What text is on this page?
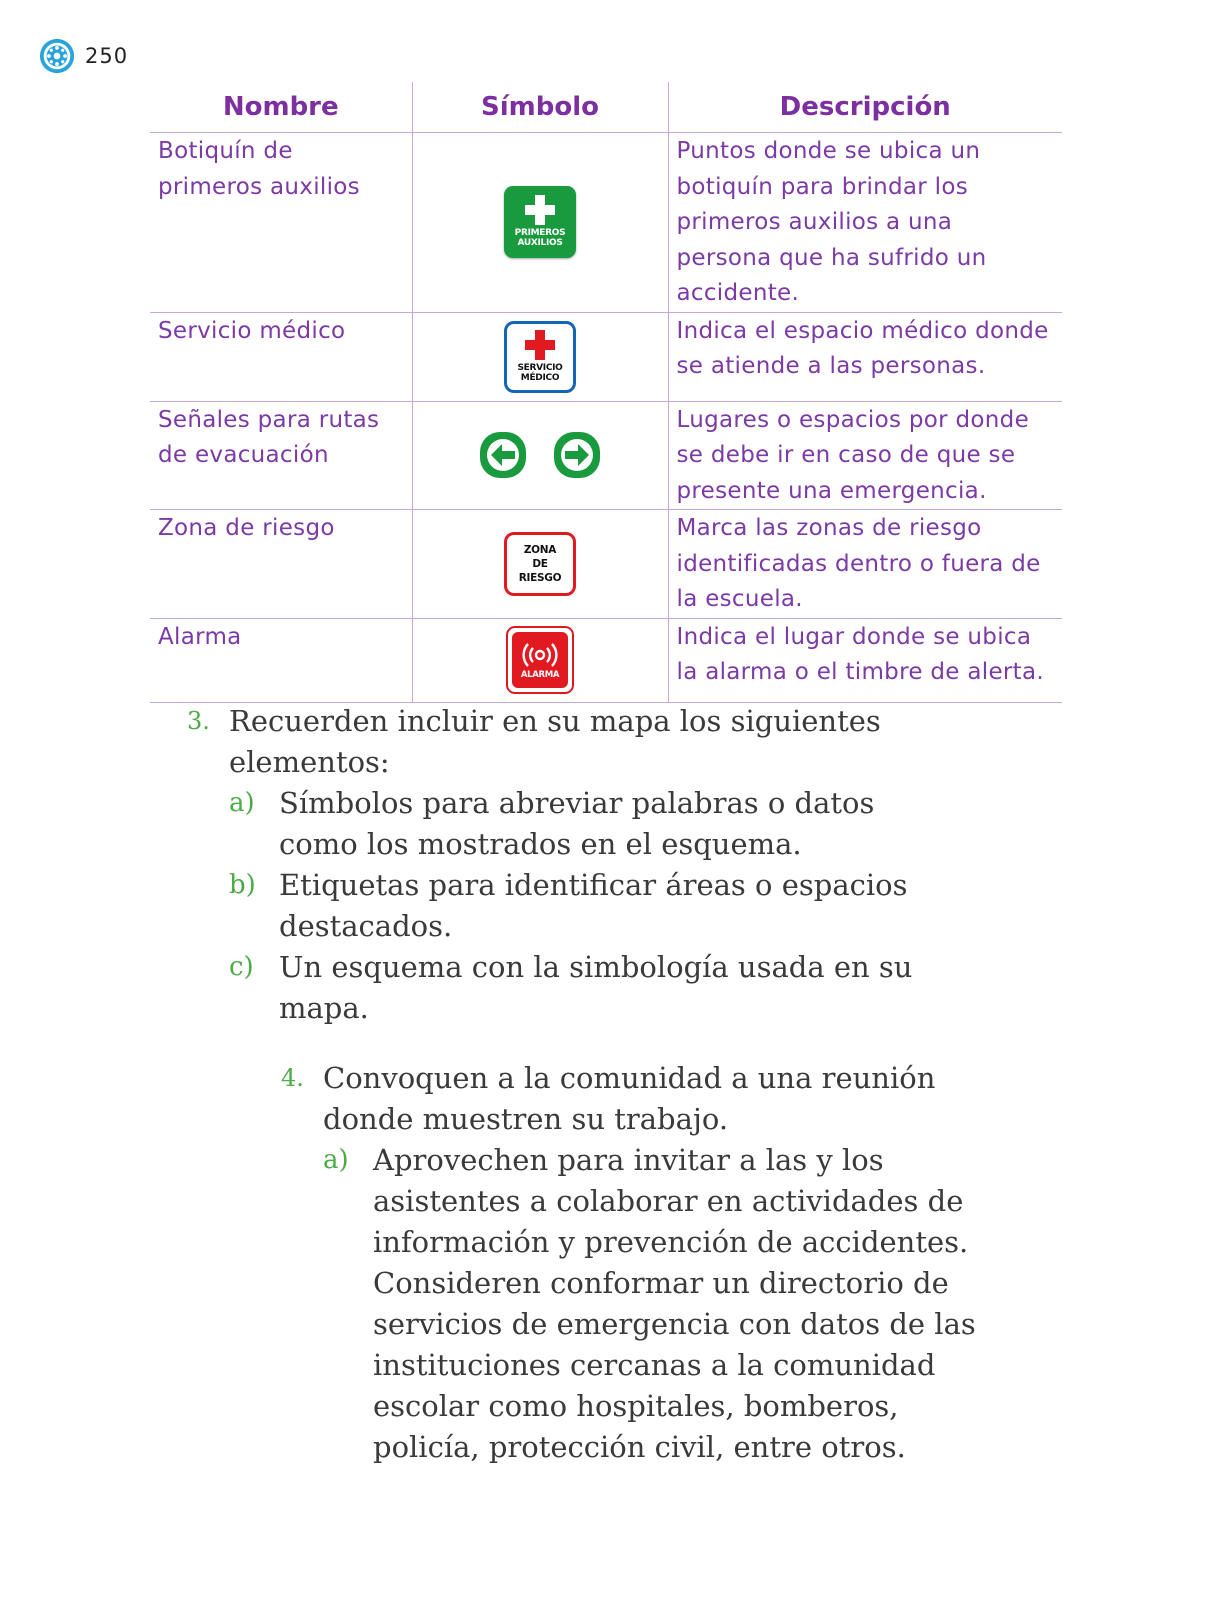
250
Nombre	Símbolo	Descripción
Botiquín de primeros auxilios	PRIMEROS AUXILIOS	Puntos donde se ubica un botiquín para brindar los primeros auxilios a una persona que ha sufrido un accidente.
Servicio médico	SERVICIO MÉDICO	Indica el espacio médico donde se atiende a las personas.
Señales para rutas de evacuación		Lugares o espacios por donde se debe ir en caso de que se presente una emergencia.
Zona de riesgo	ZONA DE RIESGO	Marca las zonas de riesgo identificadas dentro o fuera de la escuela.
Alarma	ALARMA	Indica el lugar donde se ubica la alarma o el timbre de alerta.
3. Recuerden incluir en su mapa los siguientes elementos:
a) Símbolos para abreviar palabras o datos como los mostrados en el esquema.
b) Etiquetas para identificar áreas o espacios destacados.
c) Un esquema con la simbología usada en su mapa.
4. Convoquen a la comunidad a una reunión donde muestren su trabajo.
a) Aprovechen para invitar a las y los asistentes a colaborar en actividades de información y prevención de accidentes. Consideren conformar un directorio de servicios de emergencia con datos de las instituciones cercanas a la comunidad escolar como hospitales, bomberos, policía, protección civil, entre otros.
